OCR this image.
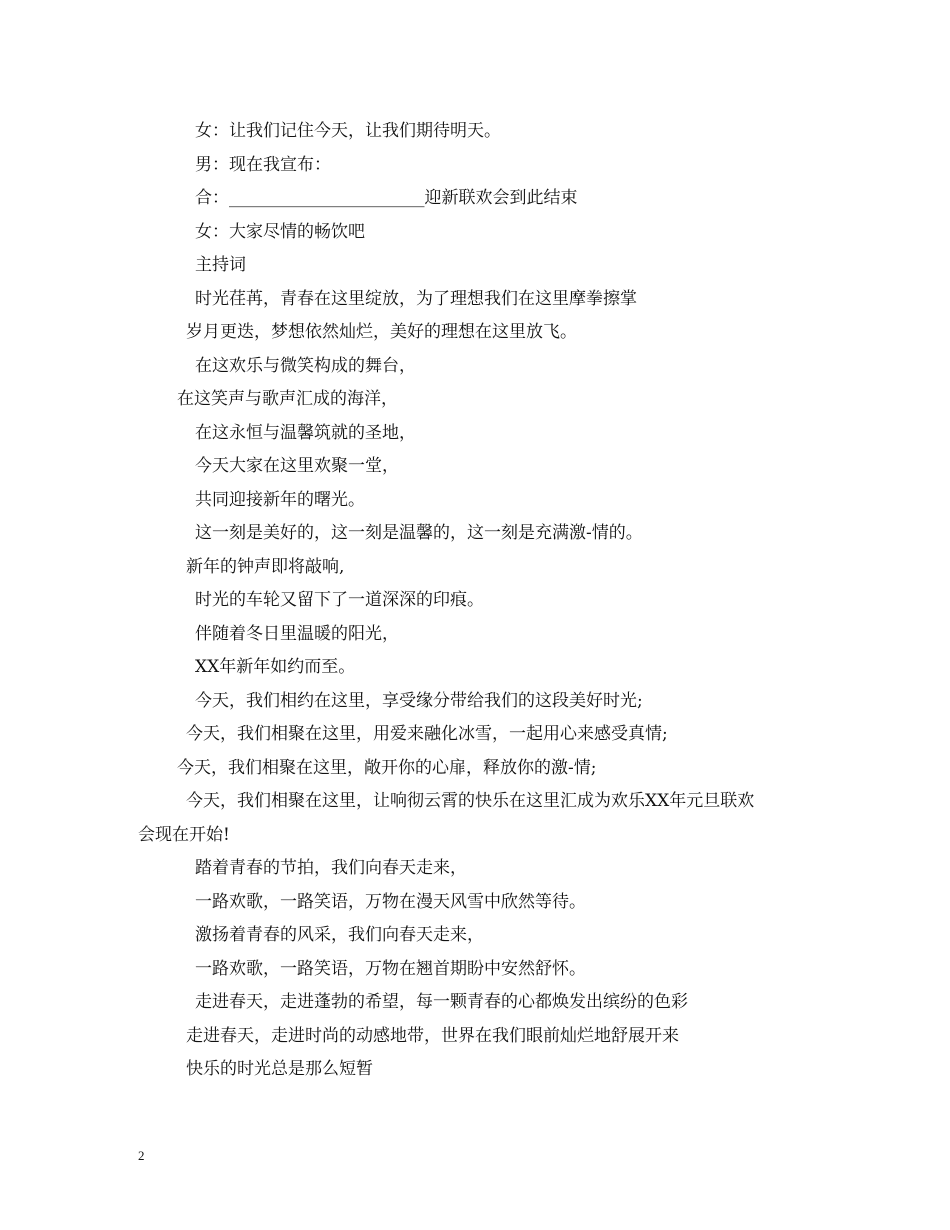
女：让我们记住今天，让我们期待明天。
男：现在我宣布：
合：_______________________迎新联欢会到此结束
女：大家尽情的畅饮吧
主持词
时光荏苒，青春在这里绽放，为了理想我们在这里摩拳擦掌
岁月更迭，梦想依然灿烂，美好的理想在这里放飞。
在这欢乐与微笑构成的舞台，
在这笑声与歌声汇成的海洋，
在这永恒与温馨筑就的圣地，
今天大家在这里欢聚一堂，
共同迎接新年的曙光。
这一刻是美好的，这一刻是温馨的，这一刻是充满激-情的。
新年的钟声即将敲响,
时光的车轮又留下了一道深深的印痕。
伴随着冬日里温暖的阳光，
XX年新年如约而至。
今天，我们相约在这里，享受缘分带给我们的这段美好时光;
今天，我们相聚在这里，用爱来融化冰雪，一起用心来感受真情;
今天，我们相聚在这里，敞开你的心扉，释放你的激-情;
今天，我们相聚在这里，让响彻云霄的快乐在这里汇成为欢乐XX年元旦联欢
会现在开始!
踏着青春的节拍，我们向春天走来，
一路欢歌，一路笑语，万物在漫天风雪中欣然等待。
激扬着青春的风采，我们向春天走来，
一路欢歌，一路笑语，万物在翘首期盼中安然舒怀。
走进春天，走进蓬勃的希望，每一颗青春的心都焕发出缤纷的色彩
走进春天，走进时尚的动感地带，世界在我们眼前灿烂地舒展开来
快乐的时光总是那么短暂
2
